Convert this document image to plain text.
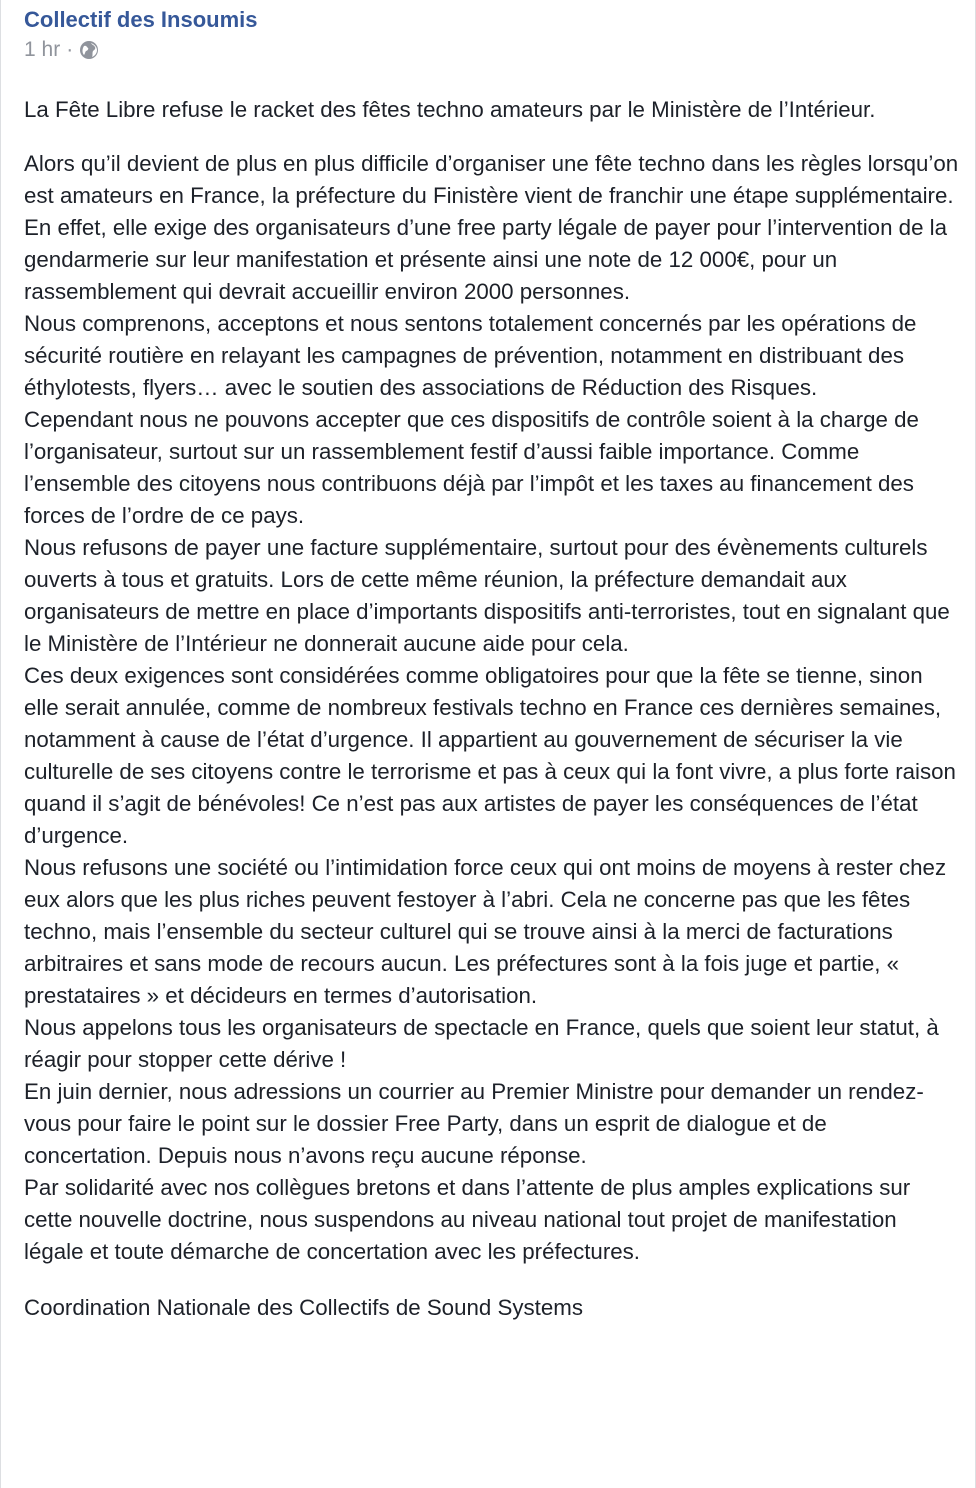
Collectif des Insoumis
1 hr ·

La Fête Libre refuse le racket des fêtes techno amateurs par le Ministère de l’Intérieur.

Alors qu’il devient de plus en plus difficile d’organiser une fête techno dans les règles lorsqu’on est amateurs en France, la préfecture du Finistère vient de franchir une étape supplémentaire. En effet, elle exige des organisateurs d’une free party légale de payer pour l’intervention de la gendarmerie sur leur manifestation et présente ainsi une note de 12 000€, pour un rassemblement qui devrait accueillir environ 2000 personnes.

Nous comprenons, acceptons et nous sentons totalement concernés par les opérations de sécurité routière en relayant les campagnes de prévention, notamment en distribuant des éthylotests, flyers… avec le soutien des associations de Réduction des Risques.

Cependant nous ne pouvons accepter que ces dispositifs de contrôle soient à la charge de l’organisateur, surtout sur un rassemblement festif d’aussi faible importance. Comme l’ensemble des citoyens nous contribuons déjà par l’impôt et les taxes au financement des forces de l’ordre de ce pays.

Nous refusons de payer une facture supplémentaire, surtout pour des évènements culturels ouverts à tous et gratuits. Lors de cette même réunion, la préfecture demandait aux organisateurs de mettre en place d’importants dispositifs anti-terroristes, tout en signalant que le Ministère de l’Intérieur ne donnerait aucune aide pour cela.

Ces deux exigences sont considérées comme obligatoires pour que la fête se tienne, sinon elle serait annulée, comme de nombreux festivals techno en France ces dernières semaines, notamment à cause de l’état d’urgence. Il appartient au gouvernement de sécuriser la vie culturelle de ses citoyens contre le terrorisme et pas à ceux qui la font vivre, a plus forte raison quand il s’agit de bénévoles! Ce n’est pas aux artistes de payer les conséquences de l’état d’urgence.

Nous refusons une société ou l’intimidation force ceux qui ont moins de moyens à rester chez eux alors que les plus riches peuvent festoyer à l’abri. Cela ne concerne pas que les fêtes techno, mais l’ensemble du secteur culturel qui se trouve ainsi à la merci de facturations arbitraires et sans mode de recours aucun. Les préfectures sont à la fois juge et partie, « prestataires » et décideurs en termes d’autorisation.

Nous appelons tous les organisateurs de spectacle en France, quels que soient leur statut, à réagir pour stopper cette dérive !

En juin dernier, nous adressions un courrier au Premier Ministre pour demander un rendez-vous pour faire le point sur le dossier Free Party, dans un esprit de dialogue et de concertation. Depuis nous n’avons reçu aucune réponse.

Par solidarité avec nos collègues bretons et dans l’attente de plus amples explications sur cette nouvelle doctrine, nous suspendons au niveau national tout projet de manifestation légale et toute démarche de concertation avec les préfectures.

Coordination Nationale des Collectifs de Sound Systems
